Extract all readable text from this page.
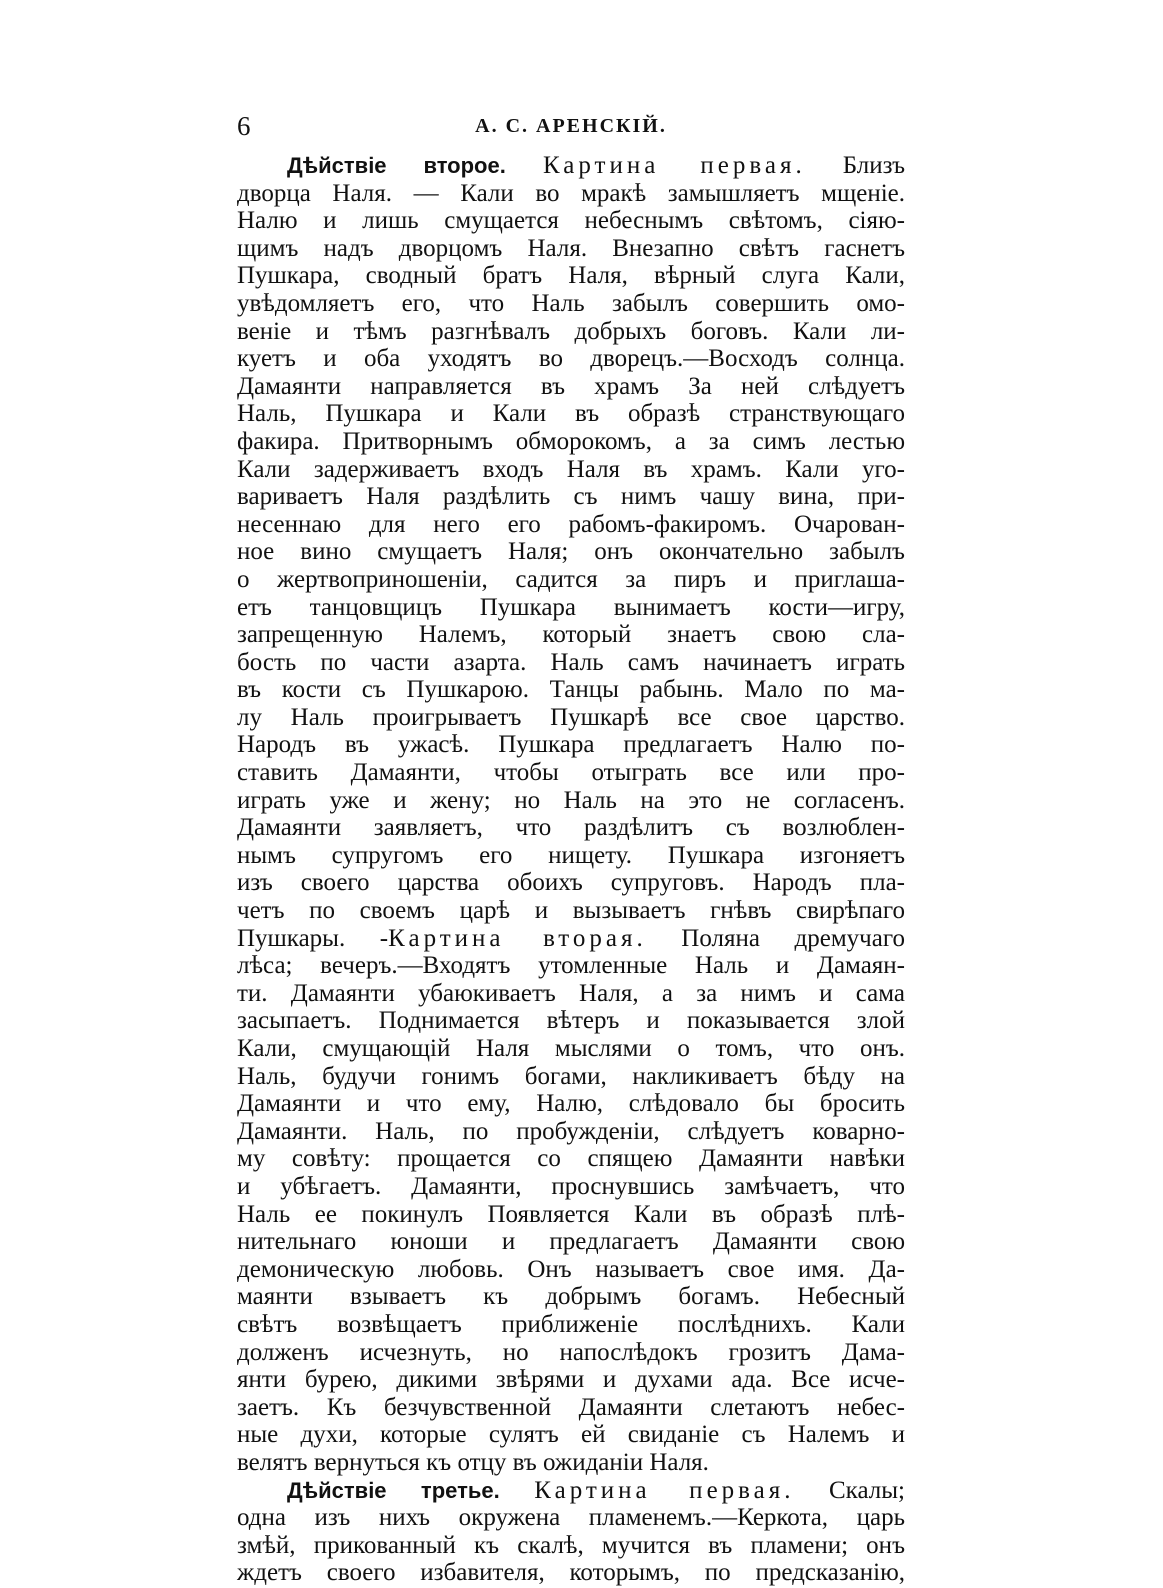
6	А. С. АРЕНСКІЙ.
Дѣйствіе второе. Картина первая. Близъ
дворца Наля. — Кали во мракѣ замышляетъ мщеніе.
Налю и лишь смущается небеснымъ свѣтомъ, сіяю-
щимъ надъ дворцомъ Наля. Внезапно свѣтъ гаснетъ
Пушкара, сводный братъ Наля, вѣрный слуга Кали,
увѣдомляетъ его, что Наль забылъ совершить омо-
веніе и тѣмъ разгнѣвалъ добрыхъ боговъ. Кали ли-
куетъ и оба уходятъ во дворецъ.—Восходъ солнца.
Дамаянти направляется въ храмъ За ней слѣдуетъ
Наль, Пушкара и Кали въ образѣ странствующаго
факира. Притворнымъ обморокомъ, а за симъ лестью
Кали задерживаетъ входъ Наля въ храмъ. Кали уго-
вариваетъ Наля раздѣлить съ нимъ чашу вина, при-
несеннаю для него его рабомъ-факиромъ. Очарован-
ное вино смущаетъ Наля; онъ окончательно забылъ
о жертвоприношеніи, садится за пиръ и приглаша-
етъ танцовщицъ Пушкара вынимаетъ кости—игру,
запрещенную Налемъ, который знаетъ свою сла-
бость по части азарта. Наль самъ начинаетъ играть
въ кости съ Пушкарою. Танцы рабынь. Мало по ма-
лу Наль проигрываетъ Пушкарѣ все свое царство.
Народъ въ ужасѣ. Пушкара предлагаетъ Налю по-
ставить Дамаянти, чтобы отыграть все или про-
играть уже и жену; но Наль на это не согласенъ.
Дамаянти заявляетъ, что раздѣлитъ съ возлюблен-
нымъ супругомъ его нищету. Пушкара изгоняетъ
изъ своего царства обоихъ супруговъ. Народъ пла-
четъ по своемъ царѣ и вызываетъ гнѣвъ свирѣпаго
Пушкары. -Картина вторая. Поляна дремучаго
лѣса; вечеръ.—Входятъ утомленные Наль и Дамаян-
ти. Дамаянти убаюкиваетъ Наля, а за нимъ и сама
засыпаетъ. Поднимается вѣтеръ и показывается злой
Кали, смущающій Наля мыслями о томъ, что онъ.
Наль, будучи гонимъ богами, накликиваетъ бѣду на
Дамаянти и что ему, Налю, слѣдовало бы бросить
Дамаянти. Наль, по пробужденіи, слѣдуетъ коварно-
му совѣту: прощается со спящею Дамаянти навѣки
и убѣгаетъ. Дамаянти, проснувшись замѣчаетъ, что
Наль ее покинулъ Появляется Кали въ образѣ плѣ-
нительнаго юноши и предлагаетъ Дамаянти свою
демоническую любовь. Онъ называетъ свое имя. Да-
маянти взываетъ къ добрымъ богамъ. Небесный
свѣтъ возвѣщаетъ приближеніе послѣднихъ. Кали
долженъ исчезнуть, но напослѣдокъ грозитъ Дама-
янти бурею, дикими звѣрями и духами ада. Все исче-
заетъ. Къ безчувственной Дамаянти слетаютъ небес-
ные духи, которые сулятъ ей свиданіе съ Налемъ и
велятъ вернуться къ отцу въ ожиданіи Наля.
Дѣйствіе третье. Картина первая. Скалы;
одна изъ нихъ окружена пламенемъ.—Керкота, царь
змѣй, прикованный къ скалѣ, мучится въ пламени; онъ
ждетъ своего избавителя, которымъ, по предсказанію,
